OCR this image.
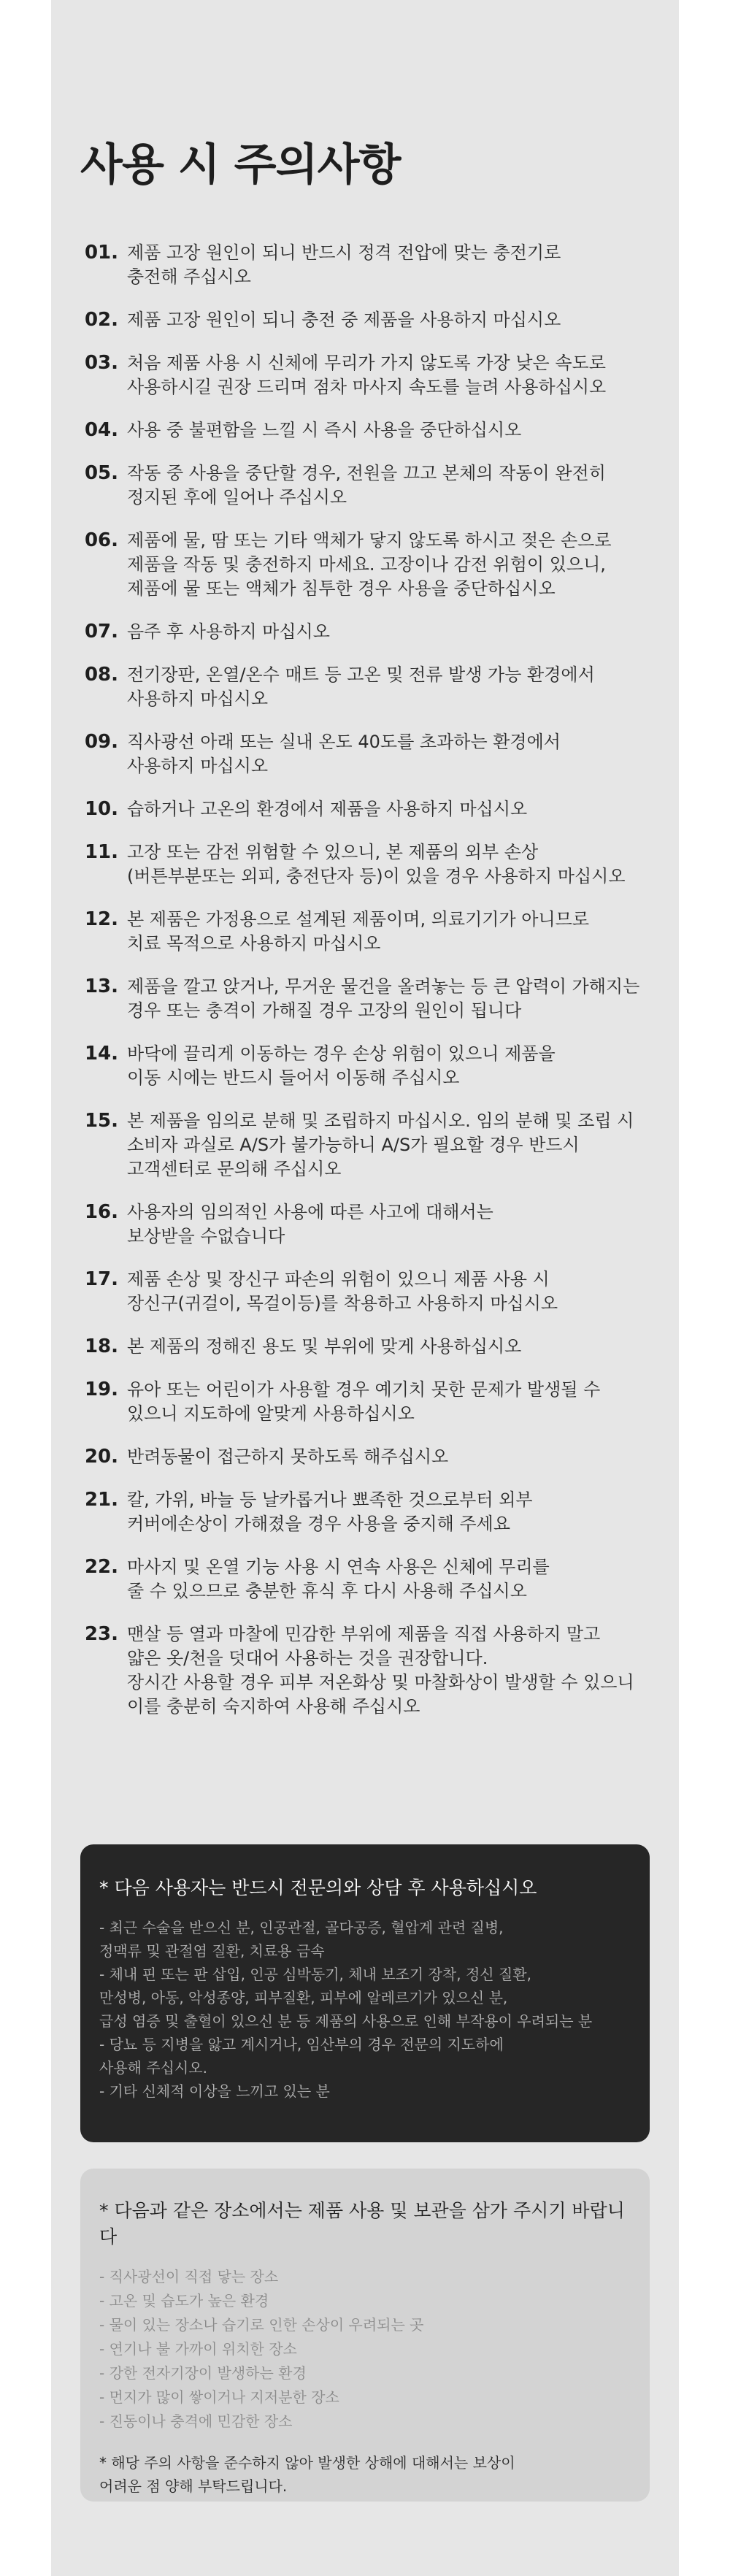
사용 시 주의사항
01. 제품 고장 원인이 되니 반드시 정격 전압에 맞는 충전기로
충전해 주십시오
02. 제품 고장 원인이 되니 충전 중 제품을 사용하지 마십시오
03. 처음 제품 사용 시 신체에 무리가 가지 않도록 가장 낮은 속도로
사용하시길 권장 드리며 점차 마사지 속도를 늘려 사용하십시오
04. 사용 중 불편함을 느낄 시 즉시 사용을 중단하십시오
05. 작동 중 사용을 중단할 경우, 전원을 끄고 본체의 작동이 완전히
정지된 후에 일어나 주십시오
06. 제품에 물, 땀 또는 기타 액체가 닿지 않도록 하시고 젖은 손으로
제품을 작동 및 충전하지 마세요. 고장이나 감전 위험이 있으니,
제품에 물 또는 액체가 침투한 경우 사용을 중단하십시오
07. 음주 후 사용하지 마십시오
08. 전기장판, 온열/온수 매트 등 고온 및 전류 발생 가능 환경에서
사용하지 마십시오
09. 직사광선 아래 또는 실내 온도 40도를 초과하는 환경에서
사용하지 마십시오
10. 습하거나 고온의 환경에서 제품을 사용하지 마십시오
11. 고장 또는 감전 위험할 수 있으니, 본 제품의 외부 손상
(버튼부분또는 외피, 충전단자 등)이 있을 경우 사용하지 마십시오
12. 본 제품은 가정용으로 설계된 제품이며, 의료기기가 아니므로
치료 목적으로 사용하지 마십시오
13. 제품을 깔고 앉거나, 무거운 물건을 올려놓는 등 큰 압력이 가해지는
경우 또는 충격이 가해질 경우 고장의 원인이 됩니다
14. 바닥에 끌리게 이동하는 경우 손상 위험이 있으니 제품을
이동 시에는 반드시 들어서 이동해 주십시오
15. 본 제품을 임의로 분해 및 조립하지 마십시오. 임의 분해 및 조립 시
소비자 과실로 A/S가 불가능하니 A/S가 필요할 경우 반드시
고객센터로 문의해 주십시오
16. 사용자의 임의적인 사용에 따른 사고에 대해서는
보상받을 수없습니다
17. 제품 손상 및 장신구 파손의 위험이 있으니 제품 사용 시
장신구(귀걸이, 목걸이등)를 착용하고 사용하지 마십시오
18. 본 제품의 정해진 용도 및 부위에 맞게 사용하십시오
19. 유아 또는 어린이가 사용할 경우 예기치 못한 문제가 발생될 수
있으니 지도하에 알맞게 사용하십시오
20. 반려동물이 접근하지 못하도록 해주십시오
21. 칼, 가위, 바늘 등 날카롭거나 뾰족한 것으로부터 외부
커버에손상이 가해졌을 경우 사용을 중지해 주세요
22. 마사지 및 온열 기능 사용 시 연속 사용은 신체에 무리를
줄 수 있으므로 충분한 휴식 후 다시 사용해 주십시오
23. 맨살 등 열과 마찰에 민감한 부위에 제품을 직접 사용하지 말고
얇은 옷/천을 덧대어 사용하는 것을 권장합니다.
장시간 사용할 경우 피부 저온화상 및 마찰화상이 발생할 수 있으니
이를 충분히 숙지하여 사용해 주십시오

* 다음 사용자는 반드시 전문의와 상담 후 사용하십시오

- 최근 수술을 받으신 분, 인공관절, 골다공증, 혈압계 관련 질병,
정맥류 및 관절염 질환, 치료용 금속

- 체내 핀 또는 판 삽입, 인공 심박동기, 체내 보조기 장착, 정신 질환,
만성병, 아동, 악성종양, 피부질환, 피부에 알레르기가 있으신 분,
급성 염증 및 출혈이 있으신 분 등 제품의 사용으로 인해 부작용이 우려되는 분

- 당뇨 등 지병을 앓고 계시거나, 임산부의 경우 전문의 지도하에
사용해 주십시오.

- 기타 신체적 이상을 느끼고 있는 분

* 다음과 같은 장소에서는 제품 사용 및 보관을 삼가 주시기 바랍니다

- 직사광선이 직접 닿는 장소

- 고온 및 습도가 높은 환경

- 물이 있는 장소나 습기로 인한 손상이 우려되는 곳

- 연기나 불 가까이 위치한 장소

- 강한 전자기장이 발생하는 환경

- 먼지가 많이 쌓이거나 지저분한 장소

- 진동이나 충격에 민감한 장소

* 해당 주의 사항을 준수하지 않아 발생한 상해에 대해서는 보상이
어려운 점 양해 부탁드립니다.
